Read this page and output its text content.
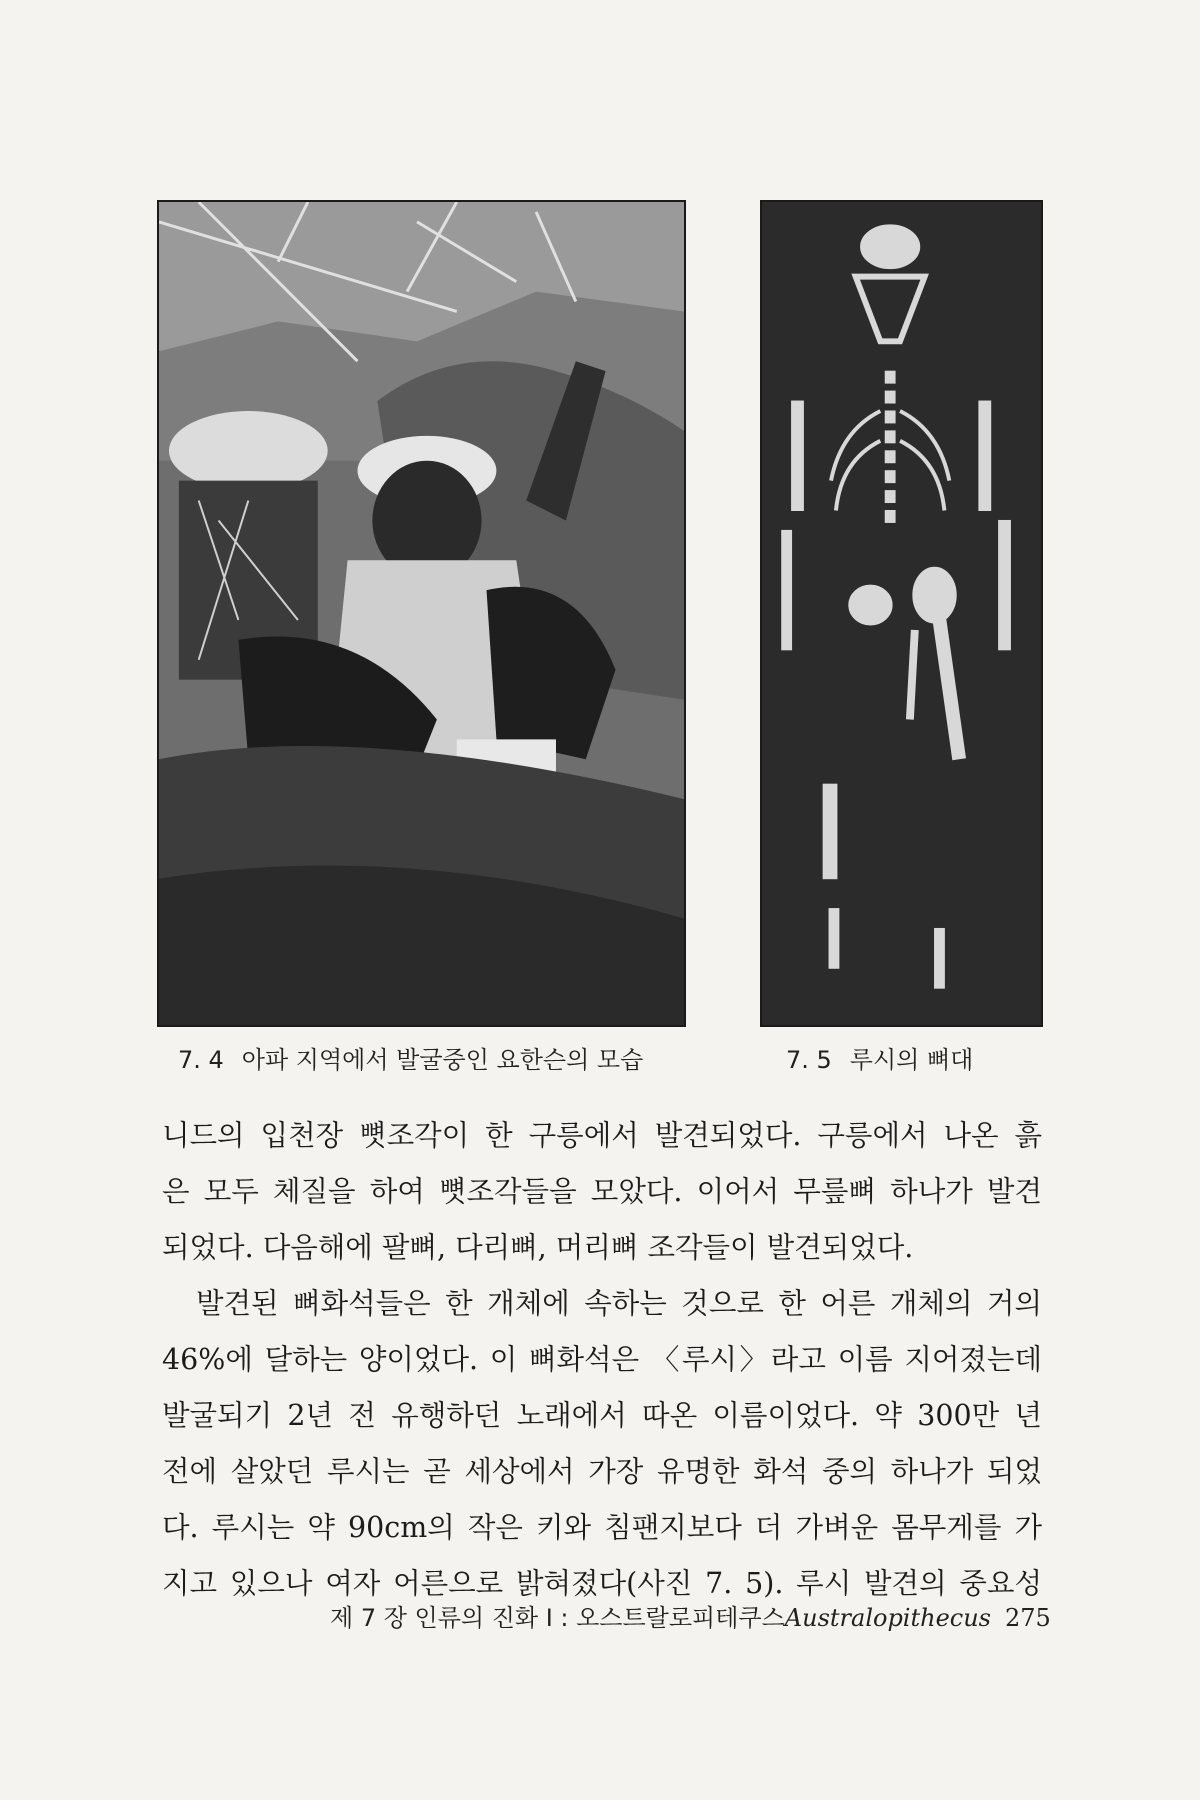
7. 4 아파 지역에서 발굴중인 요한슨의 모습	7. 5 루시의 뼈대
니드의 입천장 뼛조각이 한 구릉에서 발견되었다. 구릉에서 나온 흙
은 모두 체질을 하여 뼛조각들을 모았다. 이어서 무릎뼈 하나가 발견
되었다. 다음해에 팔뼈, 다리뼈, 머리뼈 조각들이 발견되었다.
발견된 뼈화석들은 한 개체에 속하는 것으로 한 어른 개체의 거의
46%에 달하는 양이었다. 이 뼈화석은 〈루시〉라고 이름 지어졌는데
발굴되기 2년 전 유행하던 노래에서 따온 이름이었다. 약 300만 년
전에 살았던 루시는 곧 세상에서 가장 유명한 화석 중의 하나가 되었
다. 루시는 약 90cm의 작은 키와 침팬지보다 더 가벼운 몸무게를 가
지고 있으나 여자 어른으로 밝혀졌다(사진 7. 5). 루시 발견의 중요성
제 7 장 인류의 진화 Ⅰ : 오스트랄로피테쿠스Australopithecus 275
